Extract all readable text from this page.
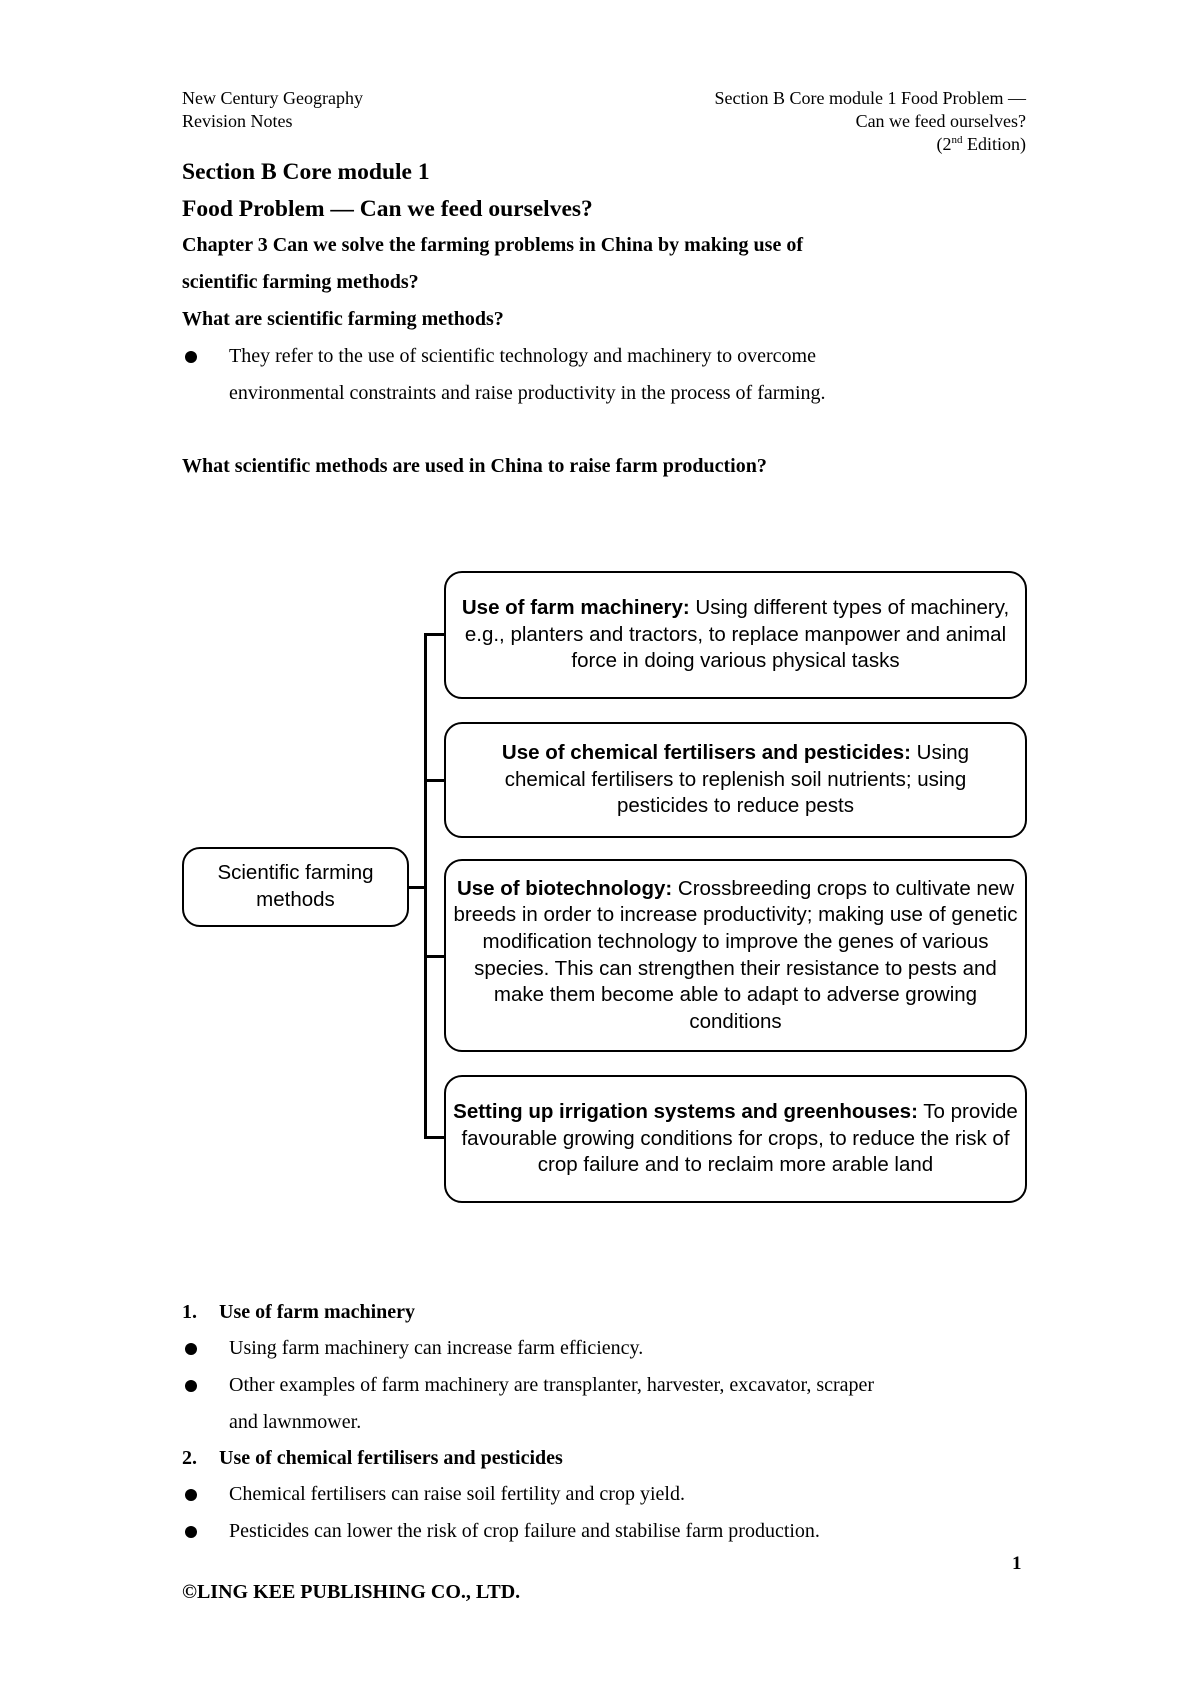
New Century Geography
Revision Notes
Section B Core module 1 Food Problem —
Can we feed ourselves?
(2nd Edition)
Section B Core module 1
Food Problem — Can we feed ourselves?
Chapter 3 Can we solve the farming problems in China by making use of
scientific farming methods?
What are scientific farming methods?
They refer to the use of scientific technology and machinery to overcome
environmental constraints and raise productivity in the process of farming.
What scientific methods are used in China to raise farm production?
Scientific farming methods
Use of farm machinery: Using different types of machinery, e.g., planters and tractors, to replace manpower and animal force in doing various physical tasks
Use of chemical fertilisers and pesticides: Using chemical fertilisers to replenish soil nutrients; using pesticides to reduce pests
Use of biotechnology: Crossbreeding crops to cultivate new breeds in order to increase productivity; making use of genetic modification technology to improve the genes of various species. This can strengthen their resistance to pests and make them become able to adapt to adverse growing conditions
Setting up irrigation systems and greenhouses: To provide favourable growing conditions for crops, to reduce the risk of crop failure and to reclaim more arable land
1. Use of farm machinery
Using farm machinery can increase farm efficiency.
Other examples of farm machinery are transplanter, harvester, excavator, scraper
and lawnmower.
2. Use of chemical fertilisers and pesticides
Chemical fertilisers can raise soil fertility and crop yield.
Pesticides can lower the risk of crop failure and stabilise farm production.
1
©LING KEE PUBLISHING CO., LTD.
